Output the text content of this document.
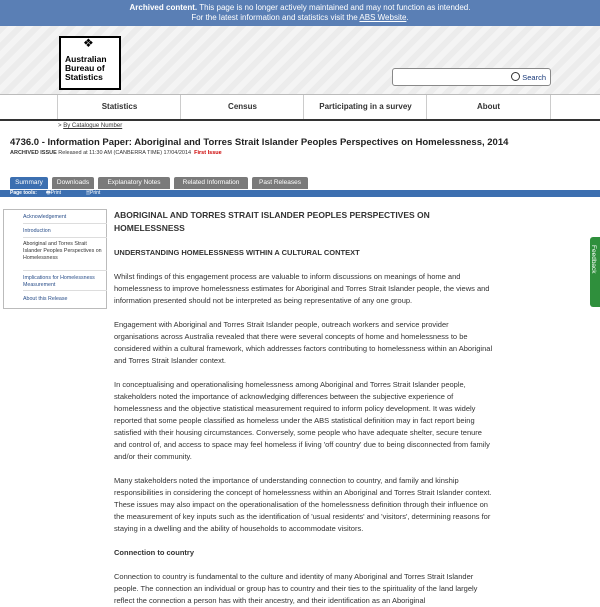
Archived content. This page is no longer actively maintained and may not function as intended.
For the latest information and statistics visit the ABS Website.
❖
Australian
Bureau of
Statistics	Search
Statistics	Census	Participating in a survey	About
> By Catalogue Number
4736.0 - Information Paper: Aboriginal and Torres Strait Islander Peoples Perspectives on Homelessness, 2014
ARCHIVED ISSUE Released at 11:30 AM (CANBERRA TIME) 17/04/2014 First Issue
Summary	Downloads	Explanatory Notes	Related Information	Past Releases
Page tools: 🖶 Print Page
🗎 Print All
Acknowledgement
Introduction
Aboriginal and Torres Strait Islander Peoples Perspectives on Homelessness
Implications for Homelessness Measurement
About this Release
ABORIGINAL AND TORRES STRAIT ISLANDER PEOPLES PERSPECTIVES ON HOMELESSNESS
UNDERSTANDING HOMELESSNESS WITHIN A CULTURAL CONTEXT
Whilst findings of this engagement process are valuable to inform discussions on meanings of home and homelessness to improve homelessness estimates for Aboriginal and Torres Strait Islander people, the views and information presented should not be interpreted as being representative of any one group.
Engagement with Aboriginal and Torres Strait Islander people, outreach workers and service provider organisations across Australia revealed that there were several concepts of home and homelessness to be considered within a cultural framework, which addresses factors contributing to homelessness within an Aboriginal and Torres Strait Islander context.
In conceptualising and operationalising homelessness among Aboriginal and Torres Strait Islander people, stakeholders noted the importance of acknowledging differences between the subjective experience of homelessness and the objective statistical measurement required to inform policy development. It was widely reported that some people classified as homeless under the ABS statistical definition may in fact report being satisfied with their housing circumstances. Conversely, some people who have adequate shelter, secure tenure and control of, and access to space may feel homeless if living 'off country' due to being disconnected from family and/or their community.
Many stakeholders noted the importance of understanding connection to country, and family and kinship responsibilities in considering the concept of homelessness within an Aboriginal and Torres Strait Islander context. These issues may also impact on the operationalisation of the homelessness definition through their influence on the measurement of key inputs such as the identification of 'usual residents' and 'visitors', determining reasons for staying in a dwelling and the ability of households to accommodate visitors.
Connection to country
Connection to country is fundamental to the culture and identity of many Aboriginal and Torres Strait Islander people. The connection an individual or group has to country and their ties to the spirituality of the land largely reflect the connection a person has with their ancestry, and their identification as an Aboriginal
Feedback
